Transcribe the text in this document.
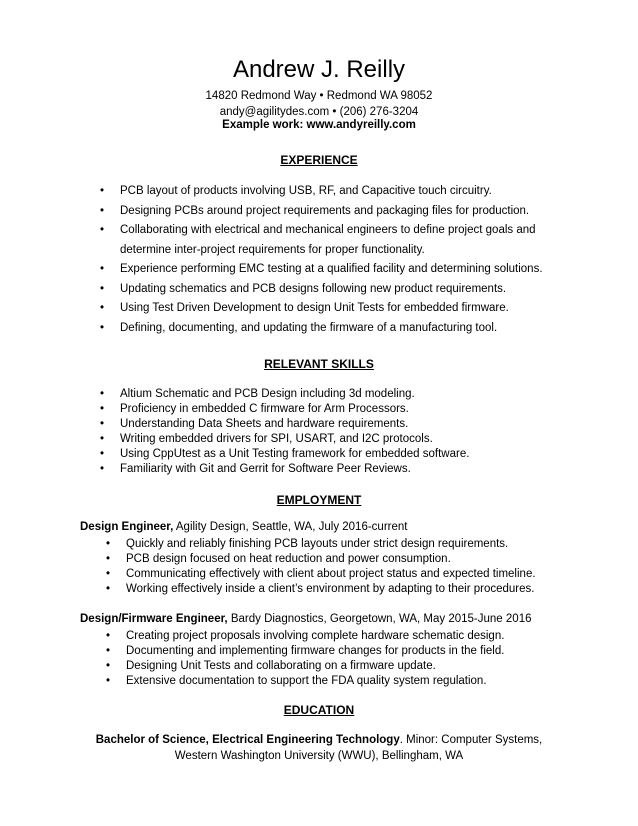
Andrew J. Reilly
14820 Redmond Way • Redmond WA 98052
andy@agilitydes.com • (206) 276-3204
Example work: www.andyreilly.com
EXPERIENCE
• PCB layout of products involving USB, RF, and Capacitive touch circuitry.
• Designing PCBs around project requirements and packaging files for production.
• Collaborating with electrical and mechanical engineers to define project goals and
determine inter-project requirements for proper functionality.
• Experience performing EMC testing at a qualified facility and determining solutions.
• Updating schematics and PCB designs following new product requirements.
• Using Test Driven Development to design Unit Tests for embedded firmware.
• Defining, documenting, and updating the firmware of a manufacturing tool.
RELEVANT SKILLS
• Altium Schematic and PCB Design including 3d modeling.
• Proficiency in embedded C firmware for Arm Processors.
• Understanding Data Sheets and hardware requirements.
• Writing embedded drivers for SPI, USART, and I2C protocols.
• Using CppUtest as a Unit Testing framework for embedded software.
• Familiarity with Git and Gerrit for Software Peer Reviews.
EMPLOYMENT
Design Engineer, Agility Design, Seattle, WA, July 2016-current
• Quickly and reliably finishing PCB layouts under strict design requirements.
• PCB design focused on heat reduction and power consumption.
• Communicating effectively with client about project status and expected timeline.
• Working effectively inside a client’s environment by adapting to their procedures.
Design/Firmware Engineer, Bardy Diagnostics, Georgetown, WA, May 2015-June 2016
• Creating project proposals involving complete hardware schematic design.
• Documenting and implementing firmware changes for products in the field.
• Designing Unit Tests and collaborating on a firmware update.
• Extensive documentation to support the FDA quality system regulation.
EDUCATION
Bachelor of Science, Electrical Engineering Technology. Minor: Computer Systems,
Western Washington University (WWU), Bellingham, WA
